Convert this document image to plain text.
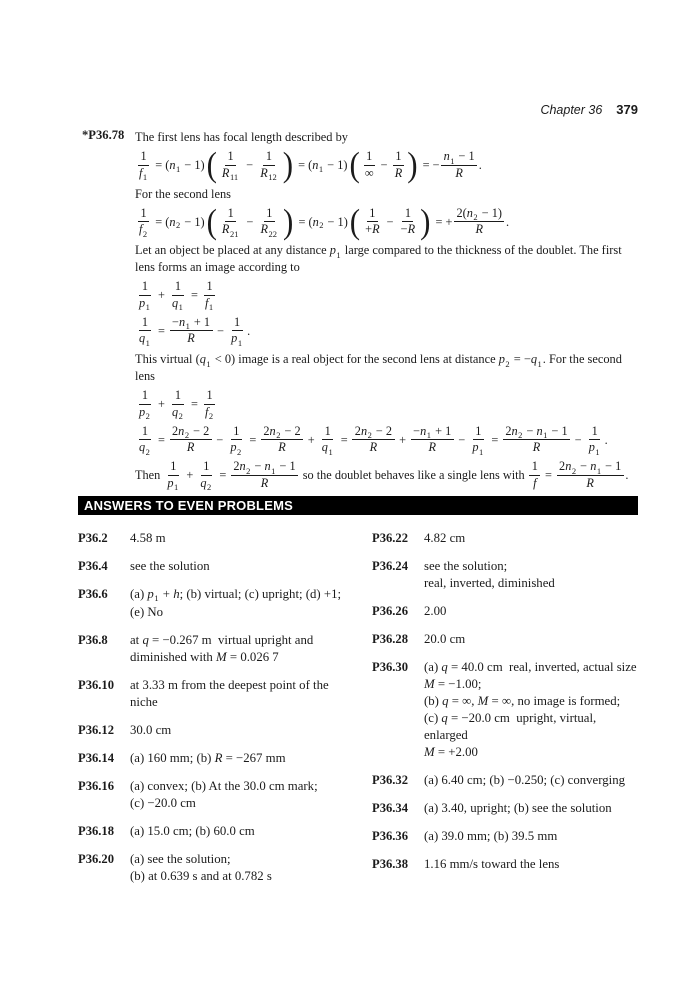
Chapter 36 379
*P36.78 The first lens has focal length described by
$\frac{1}{f 1}$ = ( n 1 − 1) ( $\frac{1}{R 11} - \frac{1}{R 12}$ ) = ( n 1 − 1) ( $\frac{1}{\infty} - \frac{1}{R}$ ) = − $\frac{n 1 - 1}{R}$ .
For the second lens
$\frac{1}{f 2}$ = ( n 2 − 1) ( $\frac{1}{R 21} - \frac{1}{R 22}$ ) = ( n 2 − 1) ( $\frac{1}{+ R} - \frac{1}{- R}$ ) = + $\frac{2( n 2 - 1)}{R}$ .
Let an object be placed at any distance $p_1$ large compared to the thickness of the doublet. The first lens forms an image according to
$\frac{1}{p 1} + \frac{1}{q 1} = \frac{1}{f 1}$
$\frac{1}{q 1} = \frac{- n 1 + 1}{R} - \frac{1}{p 1}$ .
This virtual $(q_1 < 0)$ image is a real object for the second lens at distance $p_2 = -q_1$. For the second lens
$\frac{1}{p 2} + \frac{1}{q 2} = \frac{1}{f 2}$
$\frac{1}{q 2} = \frac{2 n 2 - 2}{R} - \frac{1}{p 2} = \frac{2 n 2 - 2}{R} + \frac{1}{q 1} = \frac{2 n 2 - 2}{R} + \frac{- n 1 + 1}{R} - \frac{1}{p 1} = \frac{2 n 2 - n 1 - 1}{R} - \frac{1}{p 1}$ .
Then $\frac{1}{p 1} + \frac{1}{q 2} = \frac{2 n 2 - n 1 - 1}{R}$ so the doublet behaves like a single lens with $\frac{1}{f} = \frac{2 n 2 - n 1 - 1}{R}$ .
ANSWERS TO EVEN PROBLEMS
P36.2	4.58 m
P36.4	see the solution
P36.6	(a) $p_1 + h$; (b) virtual; (c) upright; (d) +1;
(e) No
P36.8	at q = −0.267 m  virtual upright and
diminished with M = 0.026 7
P36.10	at 3.33 m from the deepest point of the
niche
P36.12	30.0 cm
P36.14	(a) 160 mm; (b) R = −267 mm
P36.16	(a) convex; (b) At the 30.0 cm mark;
(c) −20.0 cm
P36.18	(a) 15.0 cm; (b) 60.0 cm
P36.20	(a) see the solution;
(b) at 0.639 s and at 0.782 s
P36.22	4.82 cm
P36.24	see the solution;
real, inverted, diminished
P36.26	2.00
P36.28	20.0 cm
P36.30	(a) q = 40.0 cm  real, inverted, actual size
M = −1.00;
(b) q = ∞, M = ∞, no image is formed;
(c) q = −20.0 cm  upright, virtual, enlarged
M = +2.00
P36.32	(a) 6.40 cm; (b) −0.250; (c) converging
P36.34	(a) 3.40, upright; (b) see the solution
P36.36	(a) 39.0 mm; (b) 39.5 mm
P36.38	1.16 mm/s toward the lens
